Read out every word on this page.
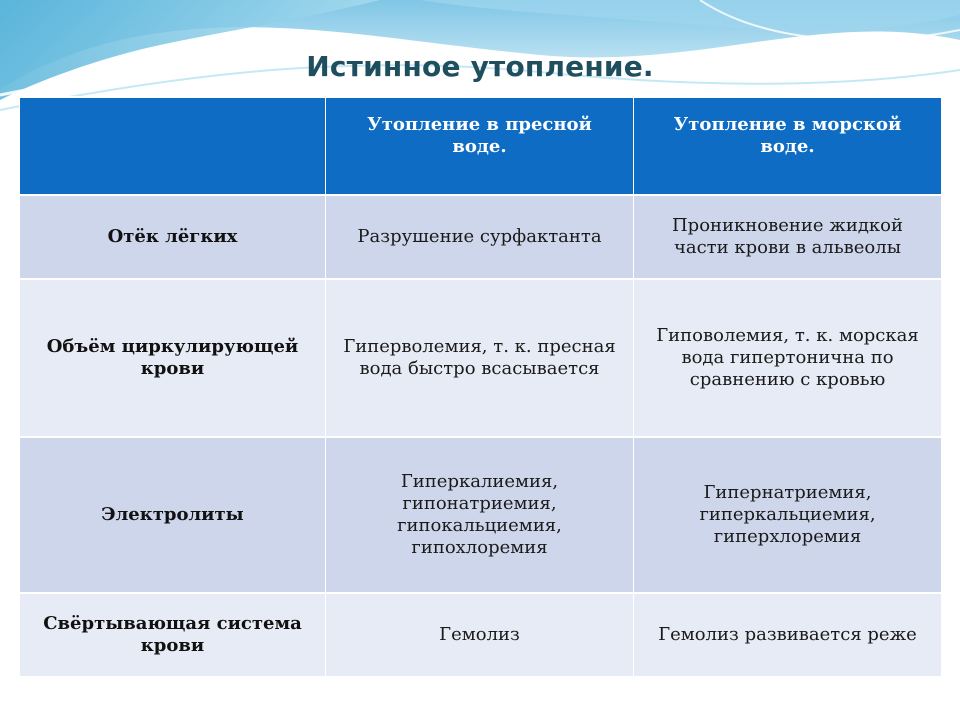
Истинное утопление.
	Утопление в пресной воде.	Утопление в морской воде.
Отёк лёгких	Разрушение сурфактанта	Проникновение жидкой части крови в альвеолы
Объём циркулирующей крови	Гиперволемия, т. к. пресная вода быстро всасывается	Гиповолемия, т. к. морская вода гипертонична по сравнению с кровью
Электролиты	Гиперкалиемия, гипонатриемия, гипокальциемия, гипохлоремия	Гипернатриемия, гиперкальциемия, гиперхлоремия
Свёртывающая система крови	Гемолиз	Гемолиз развивается реже
